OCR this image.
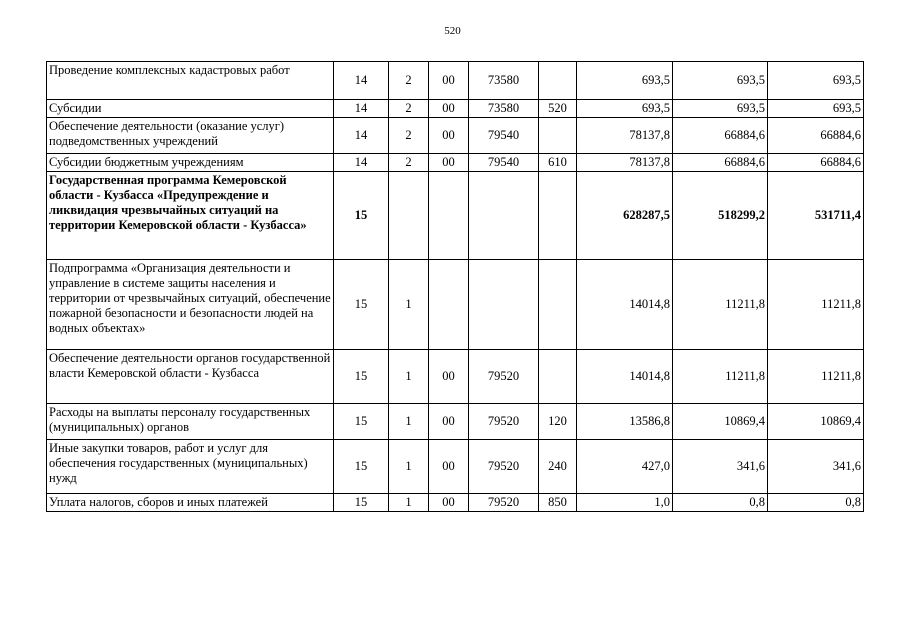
520
Проведение комплексных кадастровых работ	14	2	00	73580		693,5	693,5	693,5
Субсидии	14	2	00	73580	520	693,5	693,5	693,5
Обеспечение деятельности (оказание услуг) подведомственных учреждений	14	2	00	79540		78137,8	66884,6	66884,6
Субсидии бюджетным учреждениям	14	2	00	79540	610	78137,8	66884,6	66884,6
Государственная программа Кемеровской области - Кузбасса «Предупреждение и ликвидация чрезвычайных ситуаций на территории Кемеровской области - Кузбасса»	15					628287,5	518299,2	531711,4
Подпрограмма «Организация деятельности и управление в системе защиты населения и территории от чрезвычайных ситуаций, обеспечение пожарной безопасности и безопасности людей на водных объектах»	15	1				14014,8	11211,8	11211,8
Обеспечение деятельности органов государственной власти Кемеровской области - Кузбасса	15	1	00	79520		14014,8	11211,8	11211,8
Расходы на выплаты персоналу государственных (муниципальных) органов	15	1	00	79520	120	13586,8	10869,4	10869,4
Иные закупки товаров, работ и услуг для обеспечения государственных (муниципальных) нужд	15	1	00	79520	240	427,0	341,6	341,6
Уплата налогов, сборов и иных платежей	15	1	00	79520	850	1,0	0,8	0,8
